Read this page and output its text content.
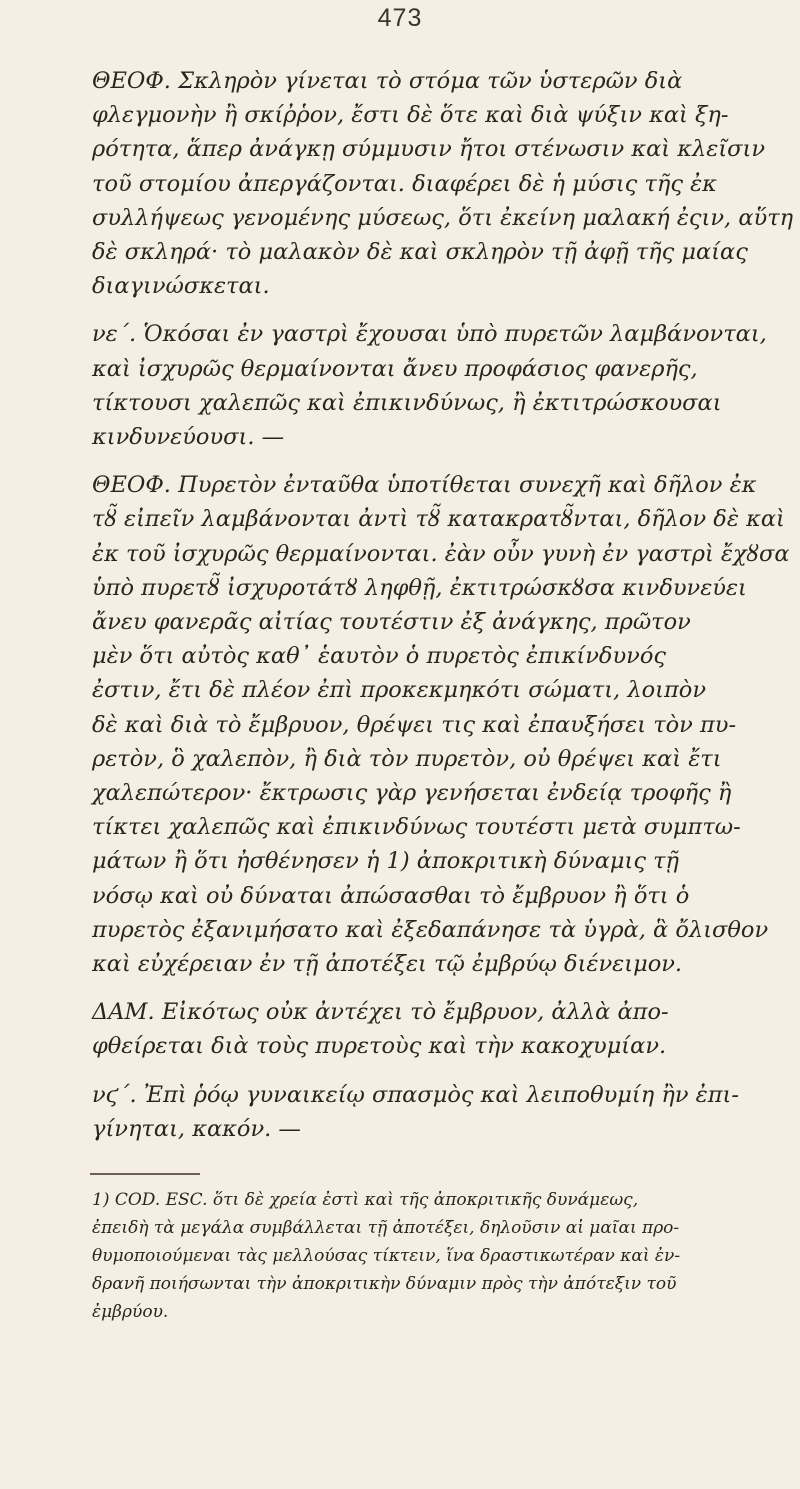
473
ΘΕΟΦ. Σκληρὸν γίνεται τὸ στόμα τῶν ὑστερῶν διὰ
φλεγμονὴν ἢ σκίῤῥον, ἔστι δὲ ὅτε καὶ διὰ ψύξιν καὶ ξη-
ρότητα, ἅπερ ἀνάγκῃ σύμμυσιν ἤτοι στένωσιν καὶ κλεῖσιν
τοῦ στομίου ἀπεργάζονται. διαφέρει δὲ ἡ μύσις τῆς ἐκ
συλλήψεως γενομένης μύσεως, ὅτι ἐκείνη μαλακή ἐςιν, αὕτη
δὲ σκληρά· τὸ μαλακὸν δὲ καὶ σκληρὸν τῇ ἀφῇ τῆς μαίας
διαγινώσκεται.
νε΄. Ὁκόσαι ἐν γαστρὶ ἔχουσαι ὑπὸ πυρετῶν λαμβάνονται,
καὶ ἰσχυρῶς θερμαίνονται ἄνευ προφάσιος φανερῆς,
τίκτουσι χαλεπῶς καὶ ἐπικινδύνως, ἢ ἐκτιτρώσκουσαι
κινδυνεύουσι. —
ΘΕΟΦ. Πυρετὸν ἐνταῦθα ὑποτίθεται συνεχῆ καὶ δῆλον ἐκ
τȣ̃ εἰπεῖν λαμβάνονται ἀντὶ τȣ̃ κατακρατȣ̃νται, δῆλον δὲ καὶ
ἐκ τοῦ ἰσχυρῶς θερμαίνονται. ἐὰν οὖν γυνὴ ἐν γαστρὶ ἔχȣσα
ὑπὸ πυρετȣ̃ ἰσχυροτάτȣ ληφθῇ, ἐκτιτρώσκȣσα κινδυνεύει
ἄνευ φανερᾶς αἰτίας τουτέστιν ἐξ ἀνάγκης, πρῶτον
μὲν ὅτι αὐτὸς καθ᾿ ἑαυτὸν ὁ πυρετὸς ἐπικίνδυνός
ἐστιν, ἔτι δὲ πλέον ἐπὶ προκεκμηκότι σώματι, λοιπὸν
δὲ καὶ διὰ τὸ ἔμβρυον, θρέψει τις καὶ ἐπαυξήσει τὸν πυ-
ρετὸν, ὃ χαλεπὸν, ἢ διὰ τὸν πυρετὸν, οὐ θρέψει καὶ ἔτι
χαλεπώτερον· ἔκτρωσις γὰρ γενήσεται ἐνδείᾳ τροφῆς ἢ
τίκτει χαλεπῶς καὶ ἐπικινδύνως τουτέστι μετὰ συμπτω-
μάτων ἢ ὅτι ἠσθένησεν ἡ 1) ἀποκριτικὴ δύναμις τῇ
νόσῳ καὶ οὐ δύναται ἀπώσασθαι τὸ ἔμβρυον ἢ ὅτι ὁ
πυρετὸς ἐξανιμήσατο καὶ ἐξεδαπάνησε τὰ ὑγρὰ, ἃ ὄλισθον
καὶ εὐχέρειαν ἐν τῇ ἀποτέξει τῷ ἐμβρύῳ διένειμον.
ΔΑΜ. Εἰκότως οὐκ ἀντέχει τὸ ἔμβρυον, ἀλλὰ ἀπο-
φθείρεται διὰ τοὺς πυρετοὺς καὶ τὴν κακοχυμίαν.
νϛ΄. Ἐπὶ ῥόῳ γυναικείῳ σπασμὸς καὶ λειποθυμίη ἢν ἐπι-
γίνηται, κακόν. —
1) COD. ESC. ὅτι δὲ χρεία ἐστὶ καὶ τῆς ἀποκριτικῆς δυνάμεως,
ἐπειδὴ τὰ μεγάλα συμβάλλεται τῇ ἀποτέξει, δηλοῦσιν αἱ μαῖαι προ-
θυμοποιούμεναι τὰς μελλούσας τίκτειν, ἵνα δραστικωτέραν καὶ ἐν-
δρανῆ ποιήσωνται τὴν ἀποκριτικὴν δύναμιν πρὸς τὴν ἀπότεξιν τοῦ
ἐμβρύου.
